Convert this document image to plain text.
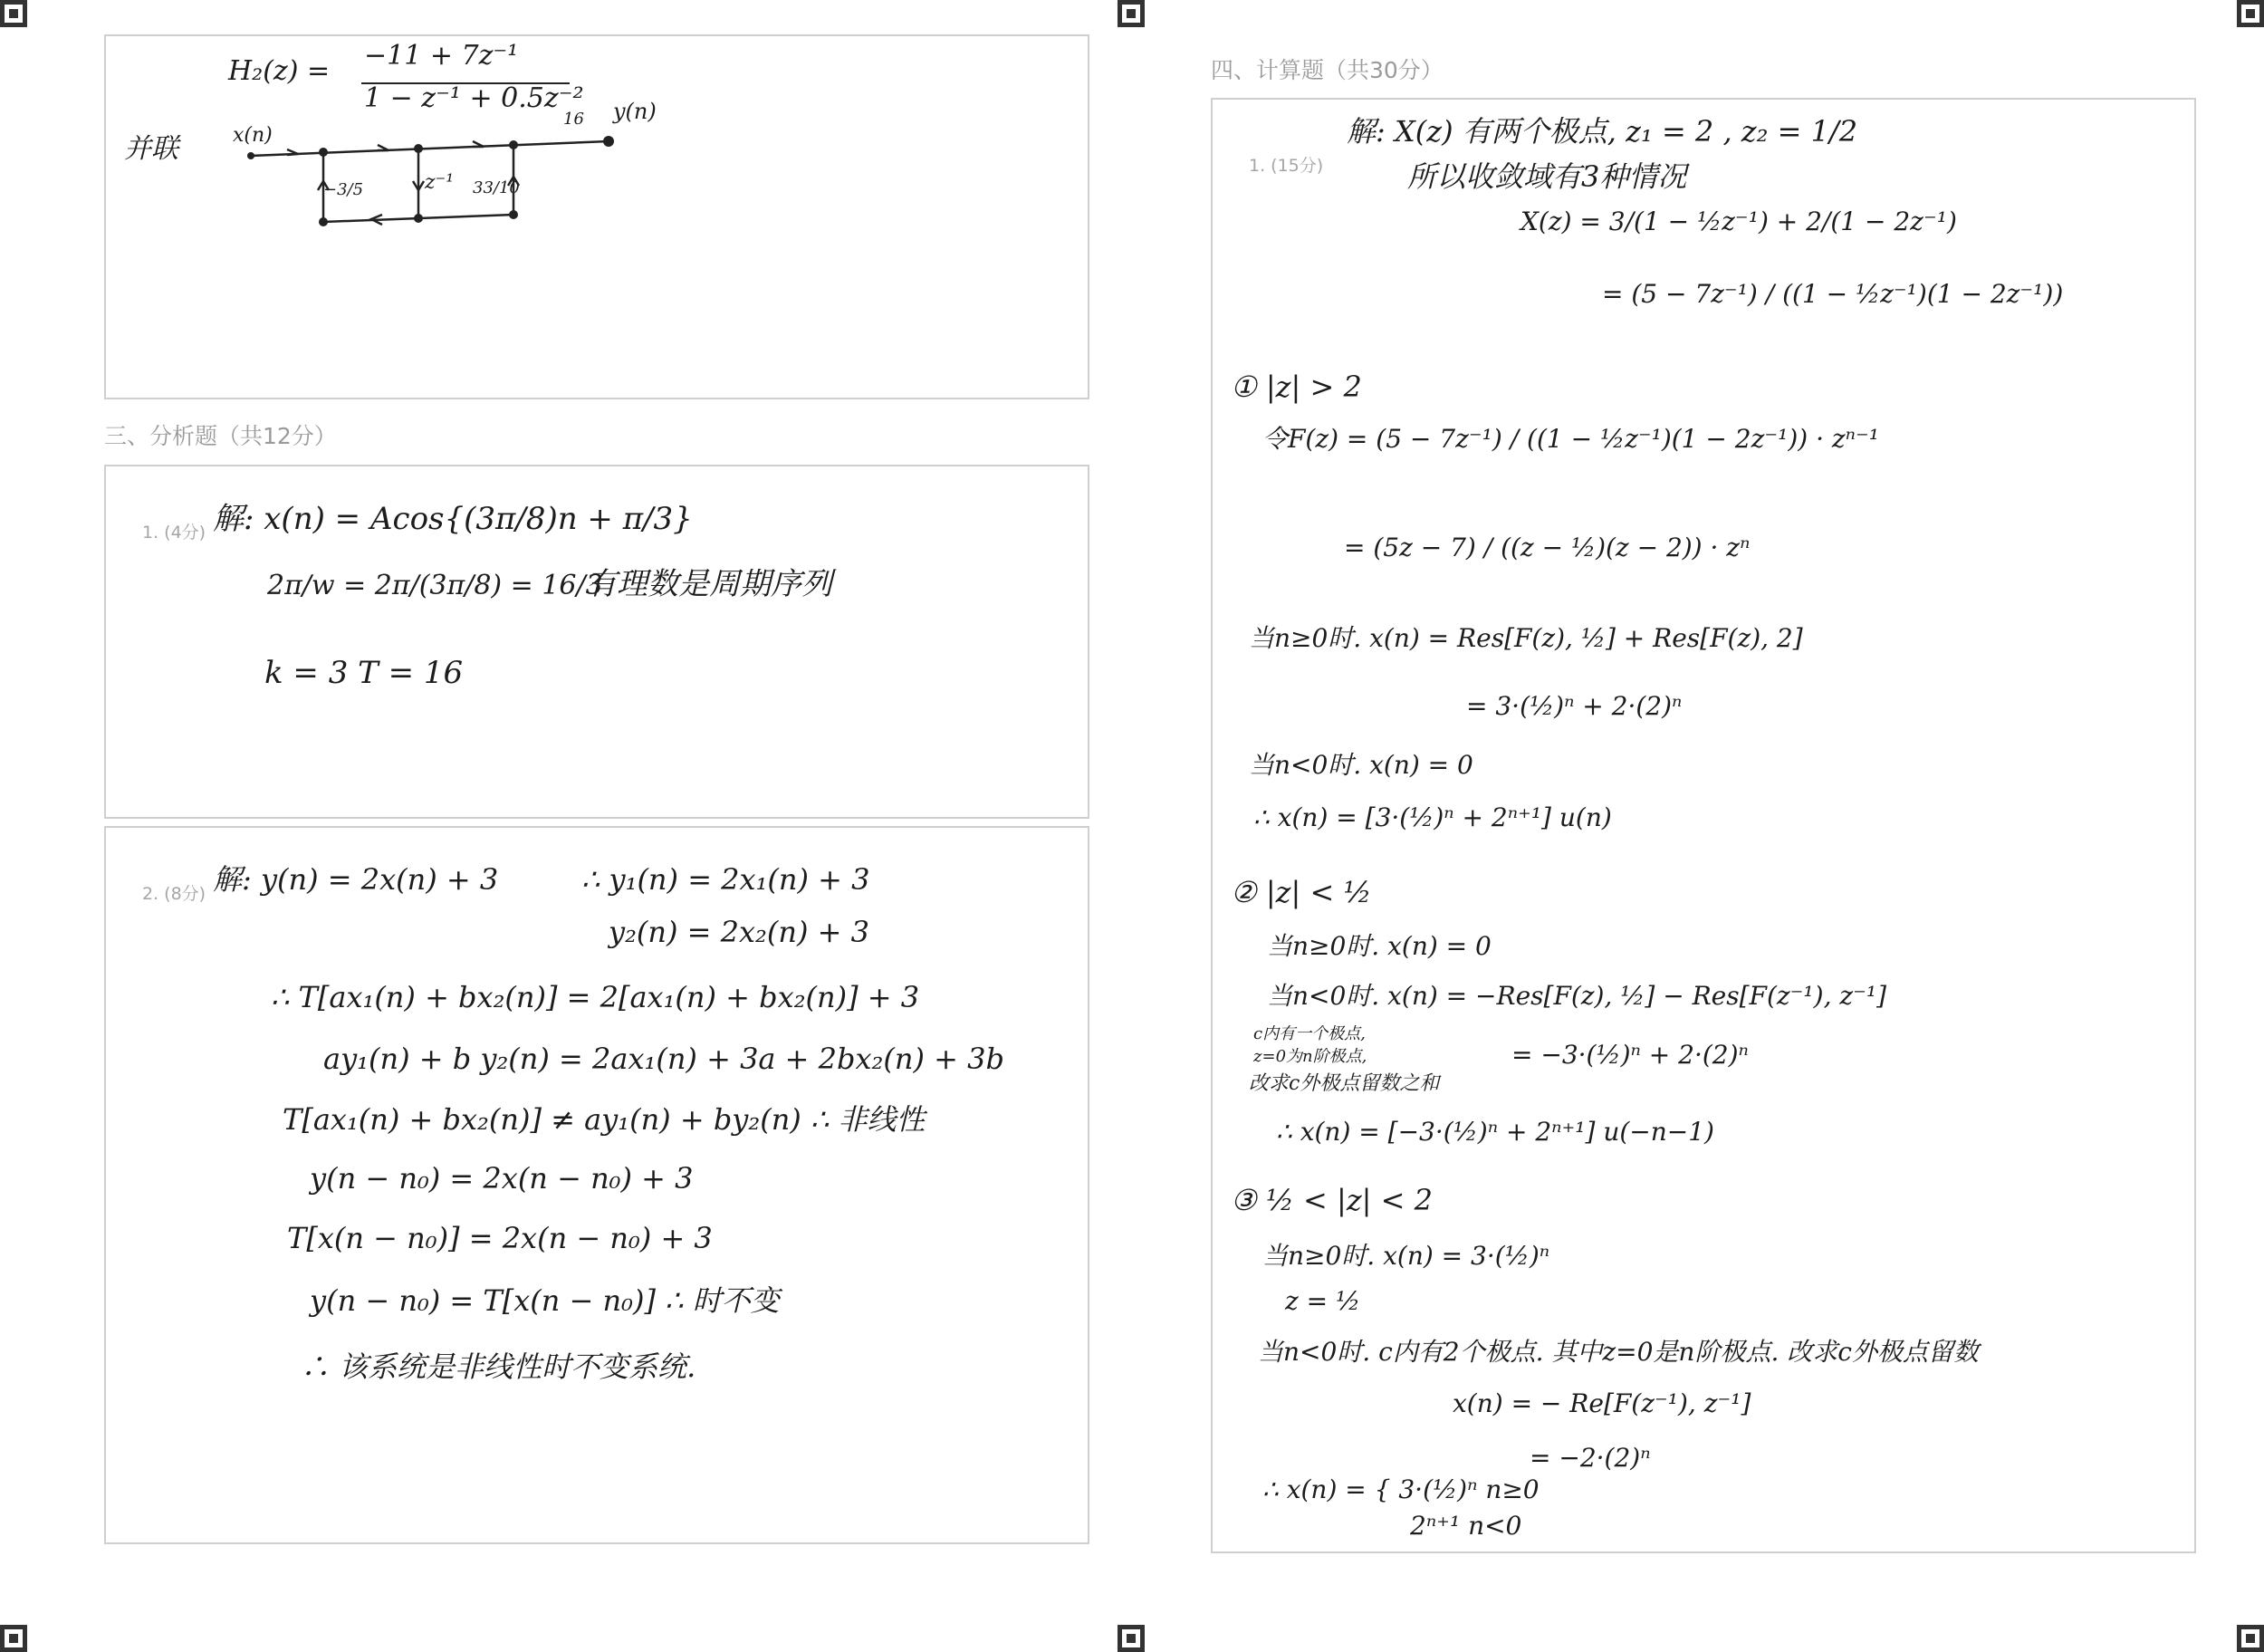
H₂(z) = −11 + 7z⁻¹
1 − z⁻¹ + 0.5z⁻²
并联	x(n)
y(n)
16
−3/5	z⁻¹ 33/10
三、分析题（共12分）
1. (4分) 解: x(n) = Acos{(3π/8)n + π/3}
2π/w = 2π/(3π/8) = 16/3
有理数是周期序列
k = 3 T = 16
2. (8分) 解: y(n) = 2x(n) + 3	∴ y₁(n) = 2x₁(n) + 3
y₂(n) = 2x₂(n) + 3
∴ T[ax₁(n) + bx₂(n)] = 2[ax₁(n) + bx₂(n)] + 3
ay₁(n) + b y₂(n) = 2ax₁(n) + 3a + 2bx₂(n) + 3b
T[ax₁(n) + bx₂(n)] ≠ ay₁(n) + by₂(n) ∴ 非线性
y(n − n₀) = 2x(n − n₀) + 3
T[x(n − n₀)] = 2x(n − n₀) + 3
y(n − n₀) = T[x(n − n₀)] ∴ 时不变
∴ 该系统是非线性时不变系统.
四、计算题（共30分）
1. (15分)
解: X(z) 有两个极点, z₁ = 2 , z₂ = 1/2
所以收敛域有3种情况
X(z) = 3/(1 − ½z⁻¹) + 2/(1 − 2z⁻¹)
= (5 − 7z⁻¹) / ((1 − ½z⁻¹)(1 − 2z⁻¹))
① |z| > 2
令F(z) = (5 − 7z⁻¹) / ((1 − ½z⁻¹)(1 − 2z⁻¹)) · zⁿ⁻¹
= (5z − 7) / ((z − ½)(z − 2)) · zⁿ
当n≥0时. x(n) = Res[F(z), ½] + Res[F(z), 2]
= 3·(½)ⁿ + 2·(2)ⁿ
当n<0时. x(n) = 0
∴ x(n) = [3·(½)ⁿ + 2ⁿ⁺¹] u(n)
② |z| < ½
当n≥0时. x(n) = 0
当n<0时. x(n) = −Res[F(z), ½] − Res[F(z⁻¹), z⁻¹]
c内有一个极点,
z=0为n阶极点,
改求c外极点留数之和
= −3·(½)ⁿ + 2·(2)ⁿ
∴ x(n) = [−3·(½)ⁿ + 2ⁿ⁺¹] u(−n−1)
③ ½ < |z| < 2
当n≥0时. x(n) = 3·(½)ⁿ
z = ½
当n<0时. c内有2个极点. 其中z=0是n阶极点. 改求c外极点留数
x(n) = − Re[F(z⁻¹), z⁻¹]
= −2·(2)ⁿ
∴ x(n) = { 3·(½)ⁿ n≥0
2ⁿ⁺¹ n<0
